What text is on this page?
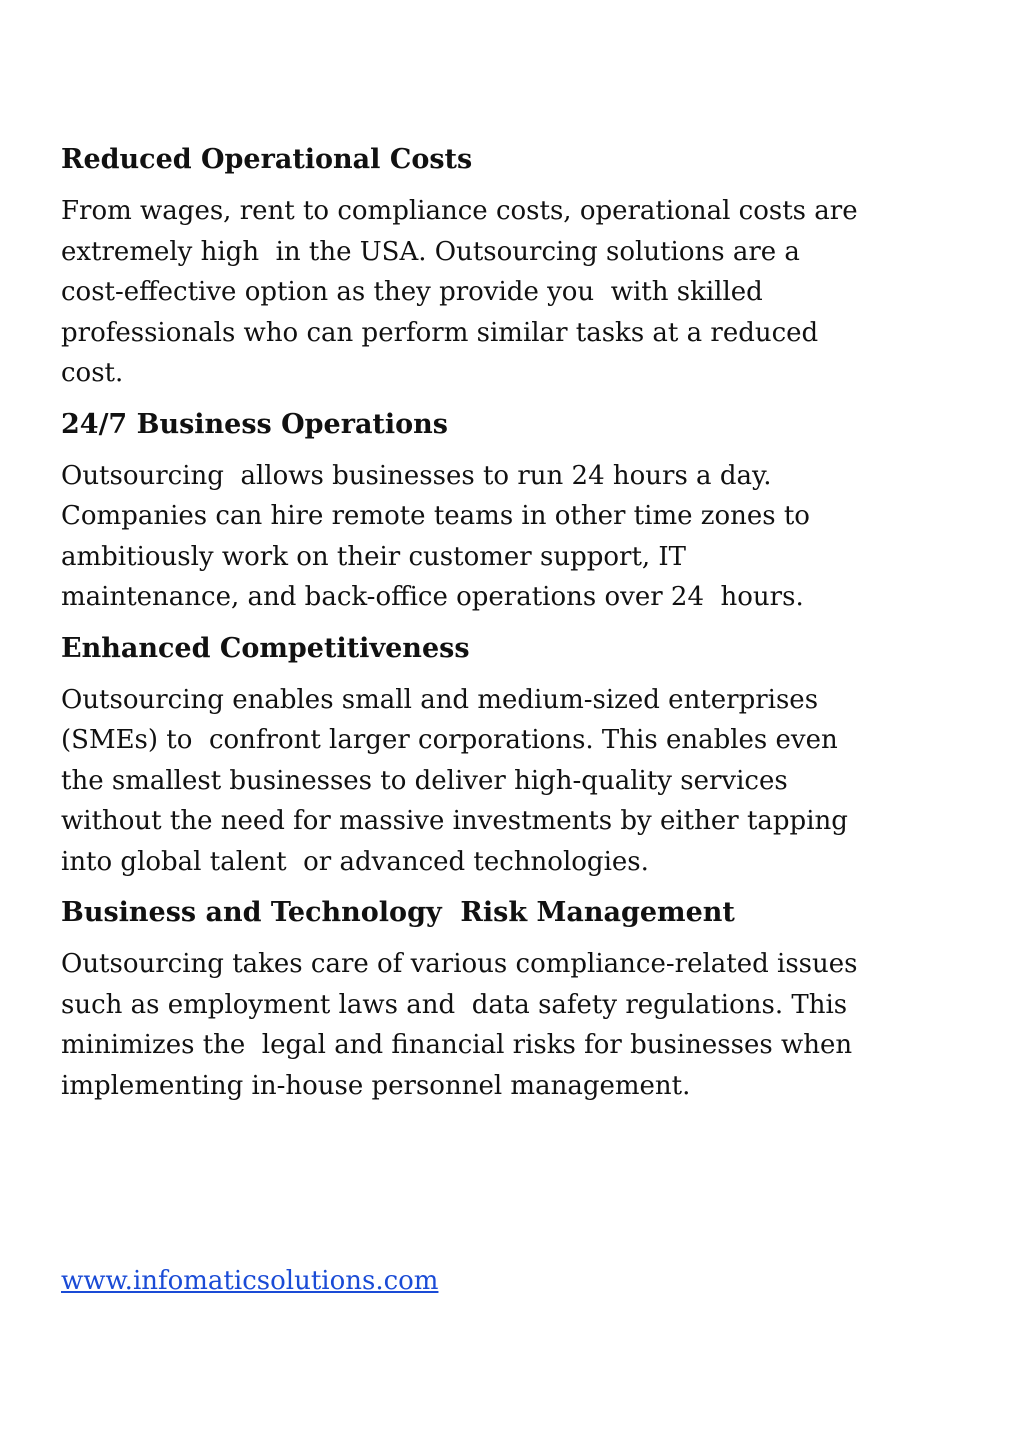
Reduced Operational Costs
From wages, rent to compliance costs, operational costs are
extremely high  in the USA. Outsourcing solutions are a
cost-effective option as they provide you  with skilled
professionals who can perform similar tasks at a reduced
cost.
24/7 Business Operations
Outsourcing  allows businesses to run 24 hours a day.
Companies can hire remote teams in other time zones to
ambitiously work on their customer support, IT
maintenance, and back-office operations over 24  hours.
Enhanced Competitiveness
Outsourcing enables small and medium-sized enterprises
(SMEs) to  confront larger corporations. This enables even
the smallest businesses to deliver high-quality services
without the need for massive investments by either tapping
into global talent  or advanced technologies.
Business and Technology  Risk Management
Outsourcing takes care of various compliance-related issues
such as employment laws and  data safety regulations. This
minimizes the  legal and financial risks for businesses when
implementing in-house personnel management.
www.infomaticsolutions.com
